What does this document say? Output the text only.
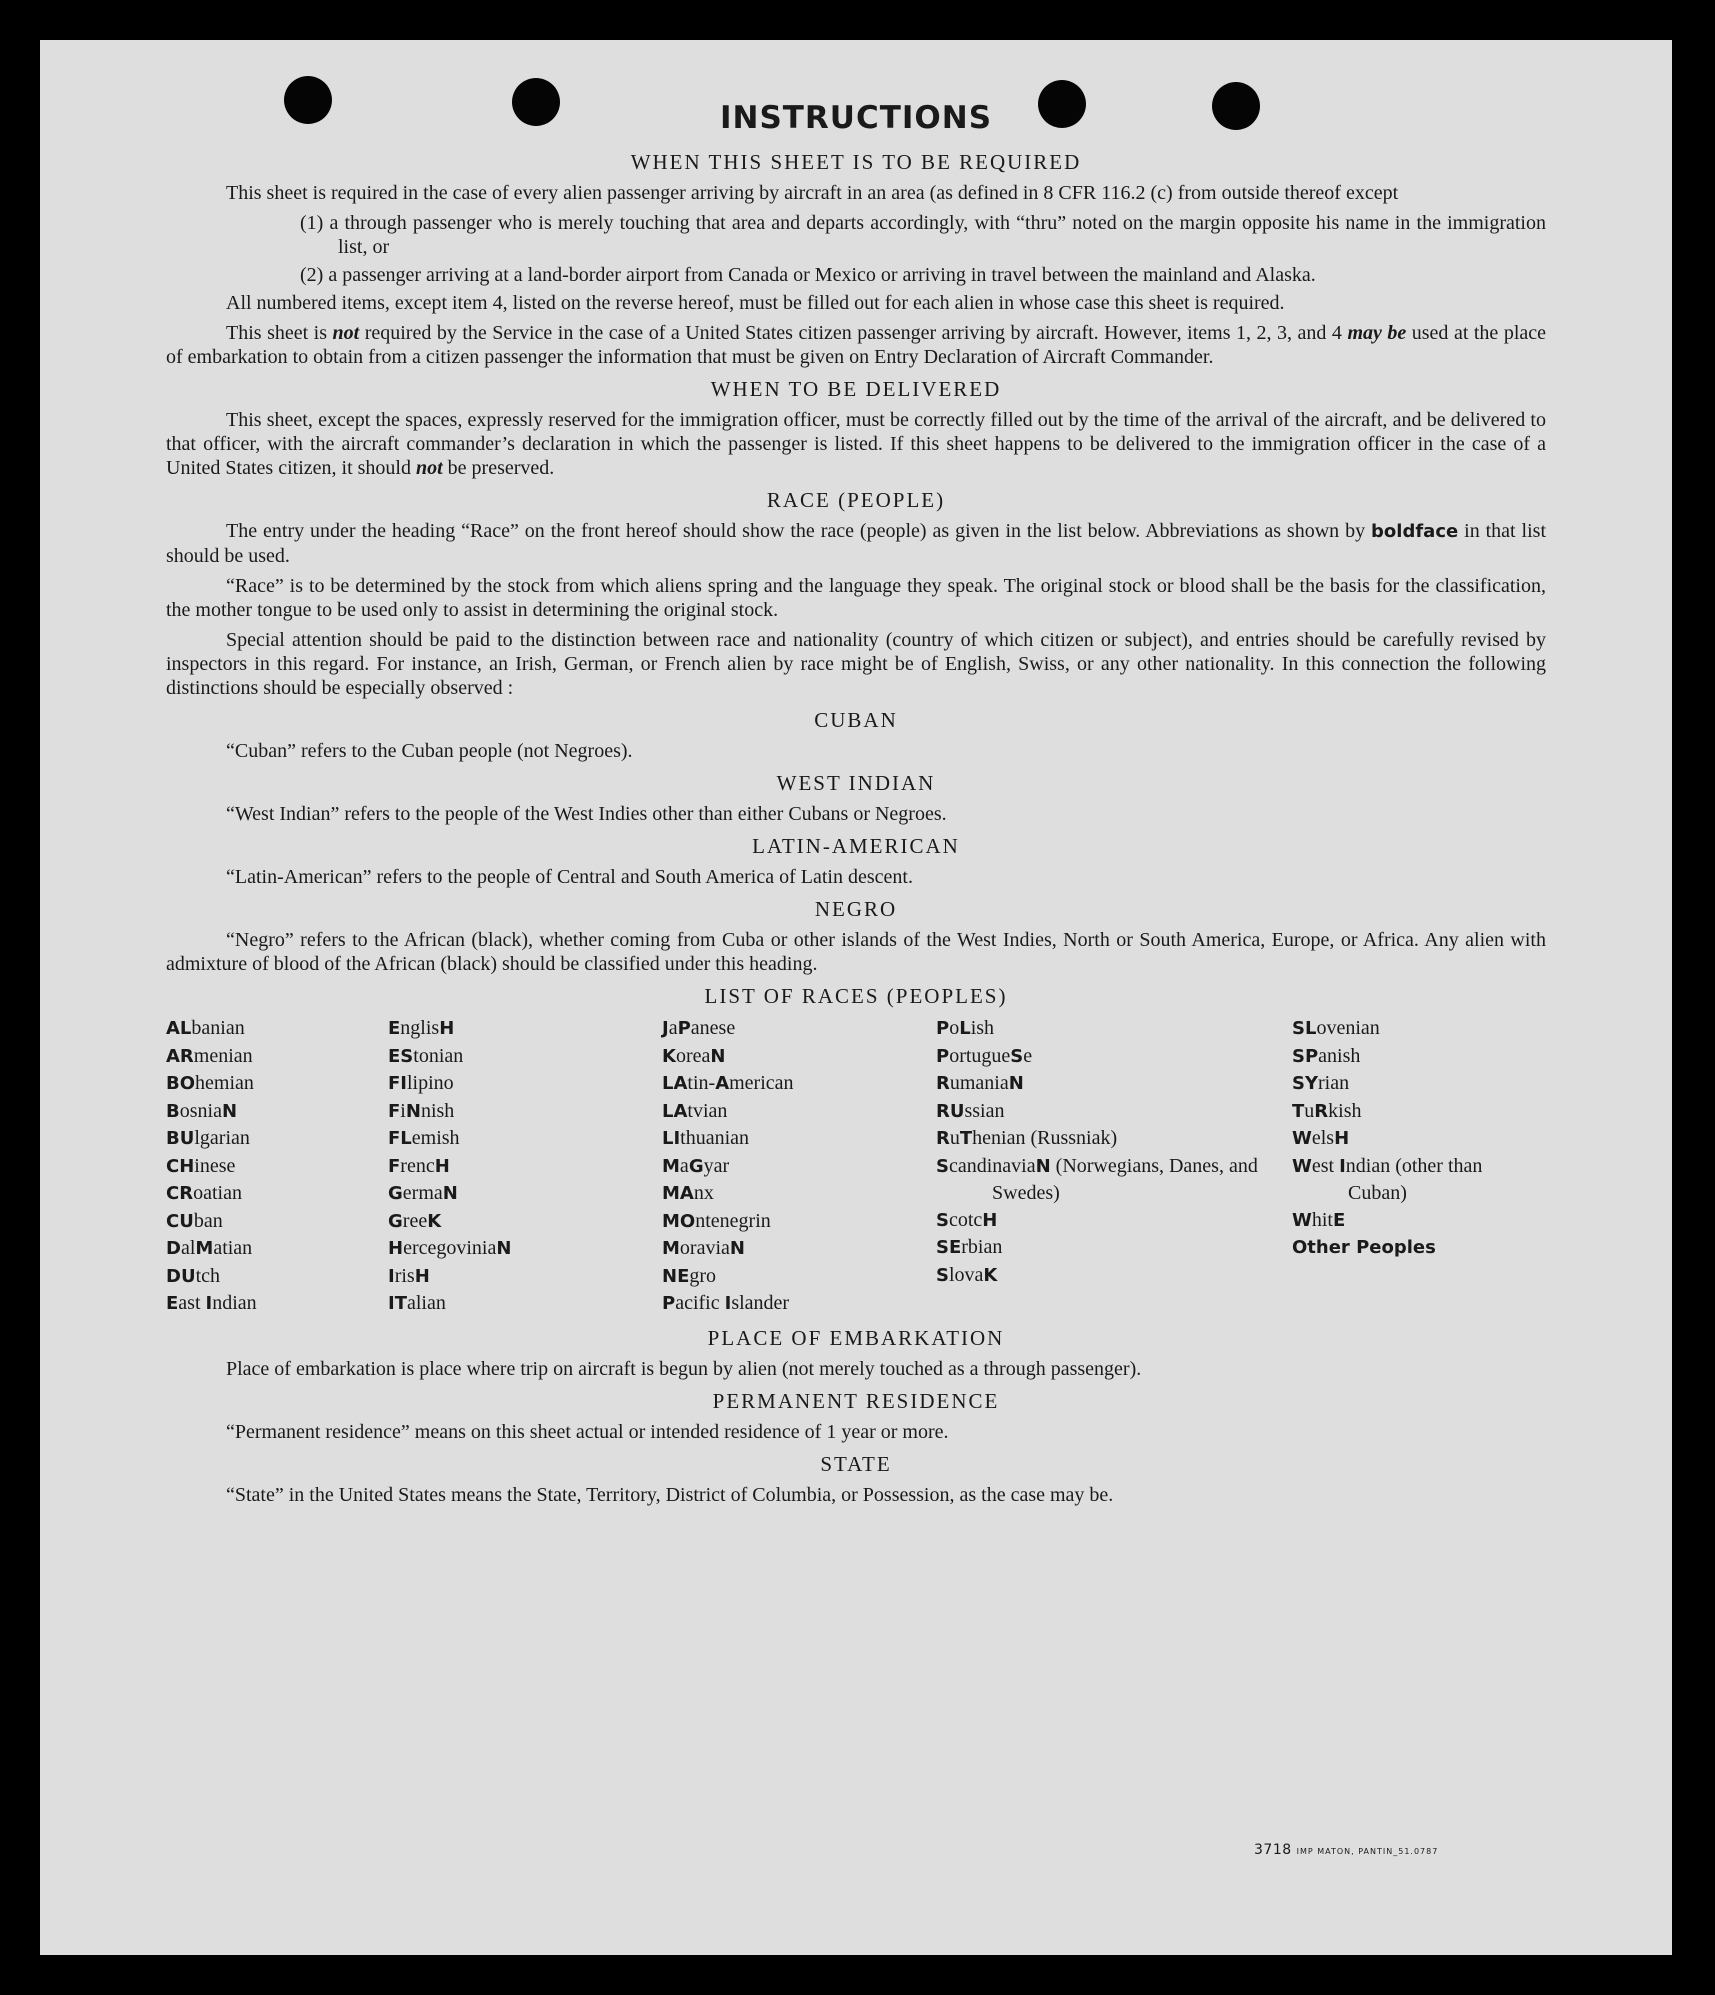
INSTRUCTIONS
WHEN THIS SHEET IS TO BE REQUIRED

This sheet is required in the case of every alien passenger arriving by aircraft in an area (as defined in 8 CFR 116.2 (c) from outside thereof except

(1) a through passenger who is merely touching that area and departs accordingly, with “thru” noted on the margin opposite his name in the immigration list, or

(2) a passenger arriving at a land-border airport from Canada or Mexico or arriving in travel between the mainland and Alaska.

All numbered items, except item 4, listed on the reverse hereof, must be filled out for each alien in whose case this sheet is required.

This sheet is not required by the Service in the case of a United States citizen passenger arriving by aircraft. However, items 1, 2, 3, and 4 may be used at the place of embarkation to obtain from a citizen passenger the information that must be given on Entry Declaration of Aircraft Commander.

WHEN TO BE DELIVERED

This sheet, except the spaces, expressly reserved for the immigration officer, must be correctly filled out by the time of the arrival of the aircraft, and be delivered to that officer, with the aircraft commander’s declaration in which the passenger is listed. If this sheet happens to be delivered to the immigration officer in the case of a United States citizen, it should not be preserved.

RACE (PEOPLE)

The entry under the heading “Race” on the front hereof should show the race (people) as given in the list below. Abbreviations as shown by boldface in that list should be used.

“Race” is to be determined by the stock from which aliens spring and the language they speak. The original stock or blood shall be the basis for the classification, the mother tongue to be used only to assist in determining the original stock.

Special attention should be paid to the distinction between race and nationality (country of which citizen or subject), and entries should be carefully revised by inspectors in this regard. For instance, an Irish, German, or French alien by race might be of English, Swiss, or any other nationality. In this connection the following distinctions should be especially observed :

CUBAN

“Cuban” refers to the Cuban people (not Negroes).

WEST INDIAN

“West Indian” refers to the people of the West Indies other than either Cubans or Negroes.

LATIN-AMERICAN

“Latin-American” refers to the people of Central and South America of Latin descent.

NEGRO

“Negro” refers to the African (black), whether coming from Cuba or other islands of the West Indies, North or South America, Europe, or Africa. Any alien with admixture of blood of the African (black) should be classified under this heading.

LIST OF RACES (PEOPLES)
ALbanian
ARmenian
BOhemian
BosniaN
BUlgarian
CHinese
CRoatian
CUban
DalMatian
DUtch
East Indian
EnglisH
EStonian
FIlipino
FiNnish
FLemish
FrencH
GermaN
GreeK
HercegoviniaN
IrisH
ITalian
JaPanese
KoreaN
LAtin-American
LAtvian
LIthuanian
MaGyar
MAnx
MOntenegrin
MoraviaN
NEgro
Pacific Islander
PoLish
PortugueSe
RumaniaN
RUssian
RuThenian (Russniak)
ScandinaviaN (Norwegians, Danes, and Swedes)
ScotcH
SErbian
SlovaK
SLovenian
SPanish
SYrian
TuRkish
WelsH
West Indian (other than Cuban)
WhitE
Other Peoples
PLACE OF EMBARKATION

Place of embarkation is place where trip on aircraft is begun by alien (not merely touched as a through passenger).

PERMANENT RESIDENCE

“Permanent residence” means on this sheet actual or intended residence of 1 year or more.

STATE

“State” in the United States means the State, Territory, District of Columbia, or Possession, as the case may be.

3718 IMP MATON, PANTIN_51.0787
